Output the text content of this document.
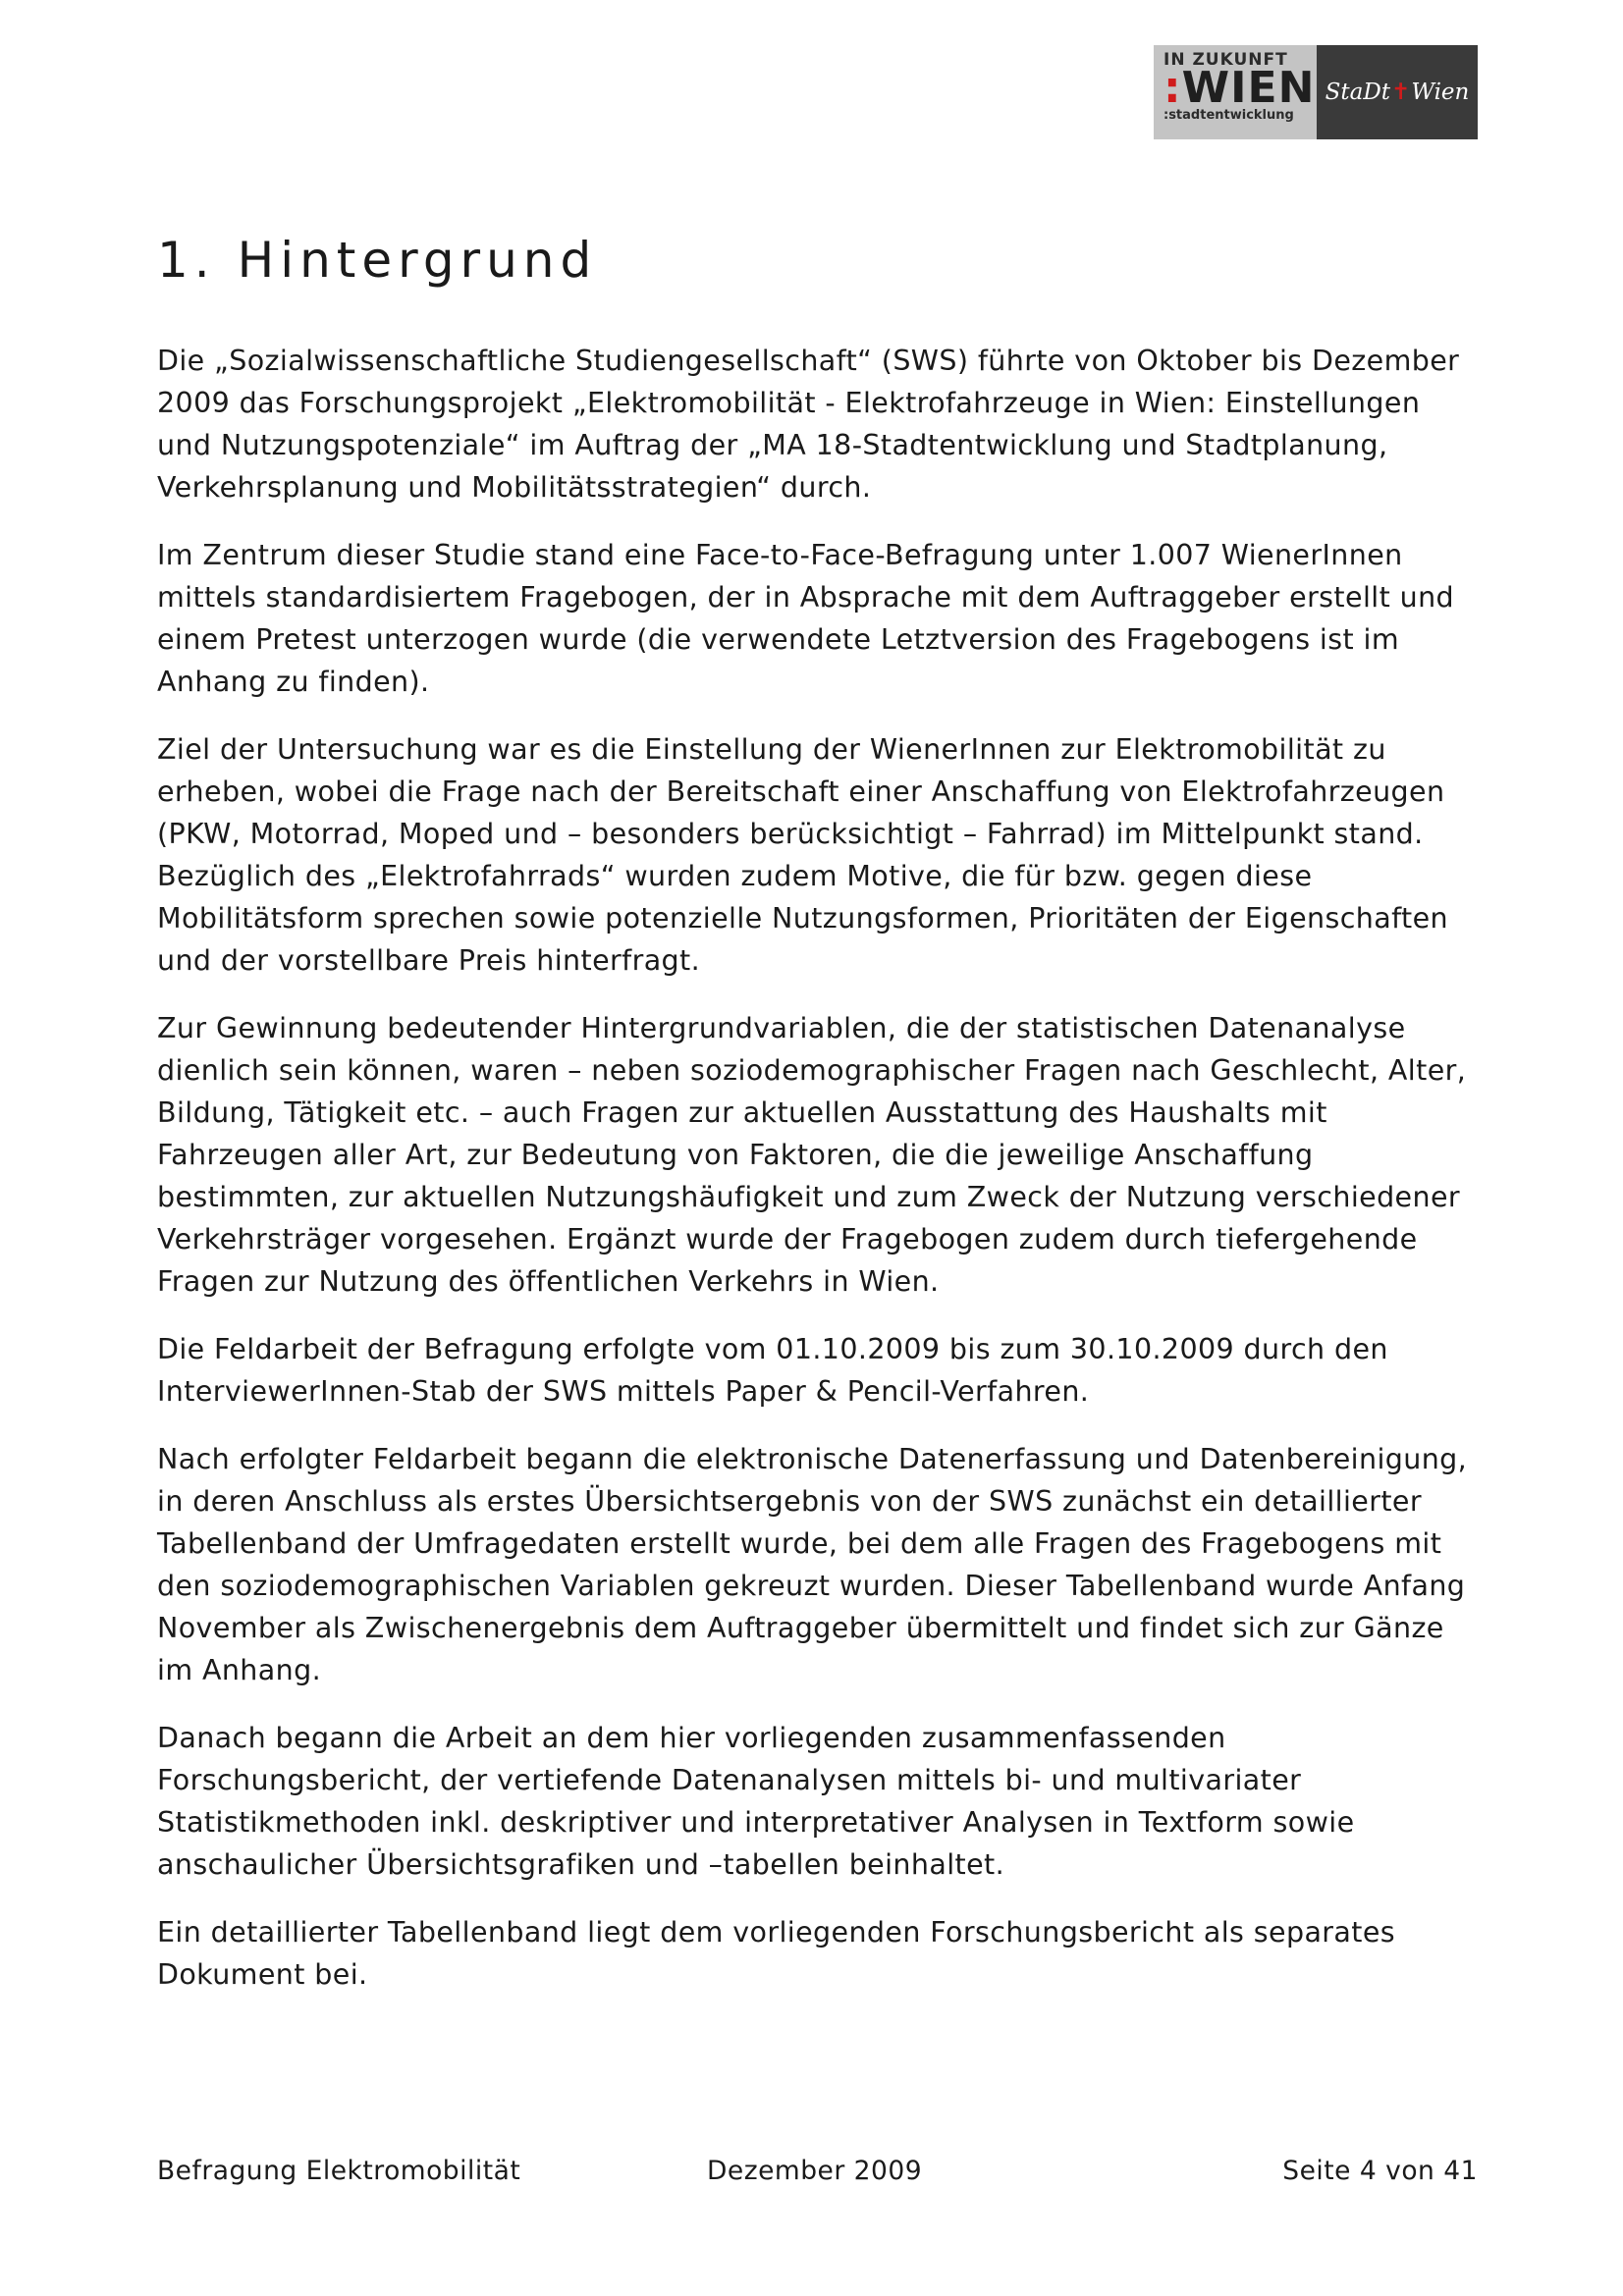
IN ZUKUNFT
:WIEN
:stadtentwicklung
StaDt ✝ Wien
1. Hintergrund

Die „Sozialwissenschaftliche Studiengesellschaft“ (SWS) führte von Oktober bis Dezember 2009 das Forschungsprojekt „Elektromobilität - Elektrofahrzeuge in Wien: Einstellungen und Nutzungspotenziale“ im Auftrag der „MA 18-Stadtentwicklung und Stadtplanung, Verkehrsplanung und Mobilitätsstrategien“ durch.

Im Zentrum dieser Studie stand eine Face-to-Face-Befragung unter 1.007 WienerInnen mittels standardisiertem Fragebogen, der in Absprache mit dem Auftraggeber erstellt und einem Pretest unterzogen wurde (die verwendete Letztversion des Fragebogens ist im Anhang zu finden).

Ziel der Untersuchung war es die Einstellung der WienerInnen zur Elektromobilität zu erheben, wobei die Frage nach der Bereitschaft einer Anschaffung von Elektrofahrzeugen (PKW, Motorrad, Moped und – besonders berücksichtigt – Fahrrad) im Mittelpunkt stand. Bezüglich des „Elektrofahrrads“ wurden zudem Motive, die für bzw. gegen diese Mobilitätsform sprechen sowie potenzielle Nutzungsformen, Prioritäten der Eigenschaften und der vorstellbare Preis hinterfragt.

Zur Gewinnung bedeutender Hintergrundvariablen, die der statistischen Datenanalyse dienlich sein können, waren – neben soziodemographischer Fragen nach Geschlecht, Alter, Bildung, Tätigkeit etc. – auch Fragen zur aktuellen Ausstattung des Haushalts mit Fahrzeugen aller Art, zur Bedeutung von Faktoren, die die jeweilige Anschaffung bestimmten, zur aktuellen Nutzungshäufigkeit und zum Zweck der Nutzung verschiedener Verkehrsträger vorgesehen. Ergänzt wurde der Fragebogen zudem durch tiefergehende Fragen zur Nutzung des öffentlichen Verkehrs in Wien.

Die Feldarbeit der Befragung erfolgte vom 01.10.2009 bis zum 30.10.2009 durch den InterviewerInnen-Stab der SWS mittels Paper & Pencil-Verfahren.

Nach erfolgter Feldarbeit begann die elektronische Datenerfassung und Datenbereinigung, in deren Anschluss als erstes Übersichtsergebnis von der SWS zunächst ein detaillierter Tabellenband der Umfragedaten erstellt wurde, bei dem alle Fragen des Fragebogens mit den soziodemographischen Variablen gekreuzt wurden. Dieser Tabellenband wurde Anfang November als Zwischenergebnis dem Auftraggeber übermittelt und findet sich zur Gänze im Anhang.

Danach begann die Arbeit an dem hier vorliegenden zusammenfassenden Forschungsbericht, der vertiefende Datenanalysen mittels bi- und multivariater Statistikmethoden inkl. deskriptiver und interpretativer Analysen in Textform sowie anschaulicher Übersichtsgrafiken und –tabellen beinhaltet.

Ein detaillierter Tabellenband liegt dem vorliegenden Forschungsbericht als separates Dokument bei.

Befragung Elektromobilität	Dezember 2009	Seite 4 von 41
